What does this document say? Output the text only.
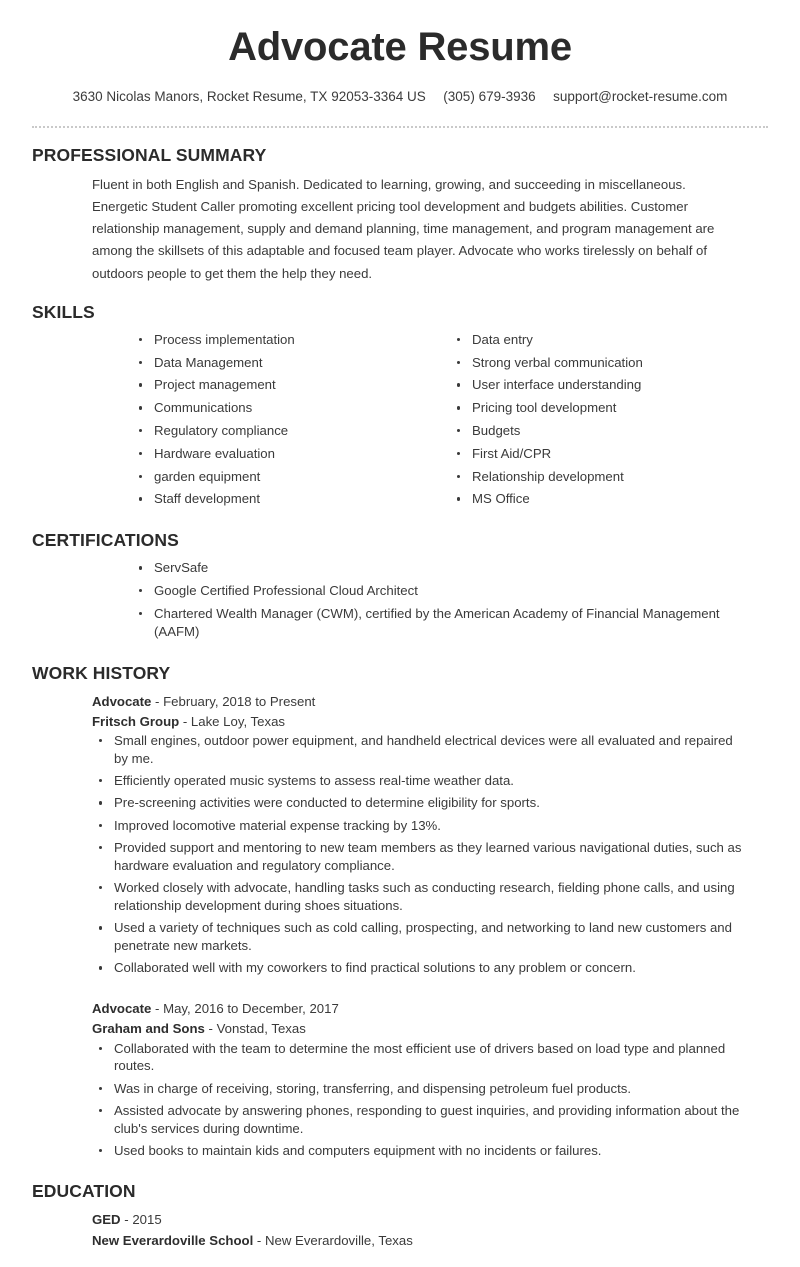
Advocate Resume
3630 Nicolas Manors, Rocket Resume, TX 92053-3364 US (305) 679-3936 support@rocket-resume.com
PROFESSIONAL SUMMARY

Fluent in both English and Spanish. Dedicated to learning, growing, and succeeding in miscellaneous. Energetic Student Caller promoting excellent pricing tool development and budgets abilities. Customer relationship management, supply and demand planning, time management, and program management are among the skillsets of this adaptable and focused team player. Advocate who works tirelessly on behalf of outdoors people to get them the help they need.

SKILLS
Process implementation
Data Management
Project management
Communications
Regulatory compliance
Hardware evaluation
garden equipment
Staff development
Data entry
Strong verbal communication
User interface understanding
Pricing tool development
Budgets
First Aid/CPR
Relationship development
MS Office
CERTIFICATIONS
ServSafe
Google Certified Professional Cloud Architect
Chartered Wealth Manager (CWM), certified by the American Academy of Financial Management (AAFM)
WORK HISTORY
Advocate - February, 2018 to Present
Fritsch Group - Lake Loy, Texas
Small engines, outdoor power equipment, and handheld electrical devices were all evaluated and repaired by me.
Efficiently operated music systems to assess real-time weather data.
Pre-screening activities were conducted to determine eligibility for sports.
Improved locomotive material expense tracking by 13%.
Provided support and mentoring to new team members as they learned various navigational duties, such as hardware evaluation and regulatory compliance.
Worked closely with advocate, handling tasks such as conducting research, fielding phone calls, and using relationship development during shoes situations.
Used a variety of techniques such as cold calling, prospecting, and networking to land new customers and penetrate new markets.
Collaborated well with my coworkers to find practical solutions to any problem or concern.
Advocate - May, 2016 to December, 2017
Graham and Sons - Vonstad, Texas
Collaborated with the team to determine the most efficient use of drivers based on load type and planned routes.
Was in charge of receiving, storing, transferring, and dispensing petroleum fuel products.
Assisted advocate by answering phones, responding to guest inquiries, and providing information about the club's services during downtime.
Used books to maintain kids and computers equipment with no incidents or failures.
EDUCATION
GED - 2015
New Everardoville School - New Everardoville, Texas
